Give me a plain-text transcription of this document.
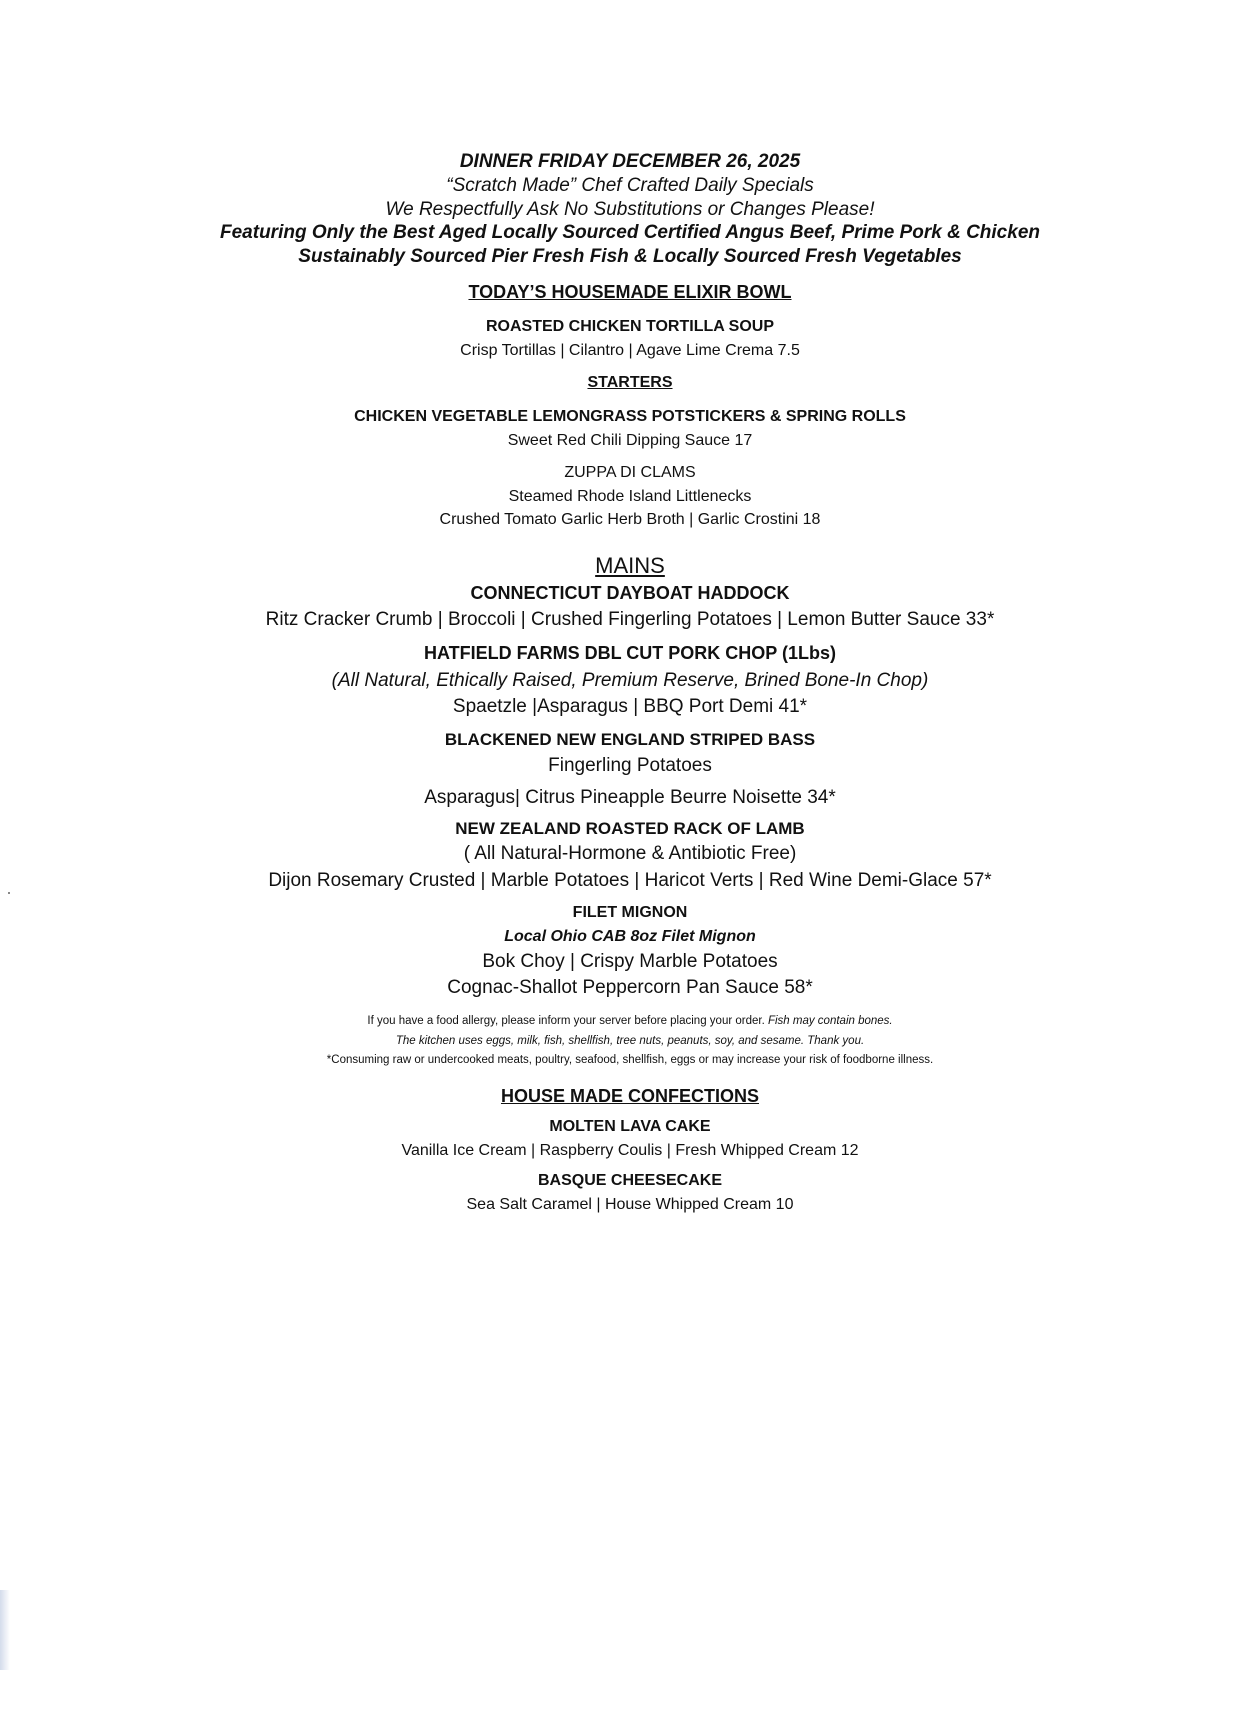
DINNER FRIDAY DECEMBER 26, 2025
“Scratch Made” Chef Crafted Daily Specials
We Respectfully Ask No Substitutions or Changes Please!
Featuring Only the Best Aged Locally Sourced Certified Angus Beef, Prime Pork & Chicken
Sustainably Sourced Pier Fresh Fish & Locally Sourced Fresh Vegetables
TODAY’S HOUSEMADE ELIXIR BOWL
ROASTED CHICKEN TORTILLA SOUP
Crisp Tortillas | Cilantro | Agave Lime Crema 7.5
STARTERS
CHICKEN VEGETABLE LEMONGRASS POTSTICKERS & SPRING ROLLS
Sweet Red Chili Dipping Sauce 17
ZUPPA DI CLAMS
Steamed Rhode Island Littlenecks
Crushed Tomato Garlic Herb Broth | Garlic Crostini 18
MAINS
CONNECTICUT DAYBOAT HADDOCK
Ritz Cracker Crumb | Broccoli | Crushed Fingerling Potatoes | Lemon Butter Sauce 33*
HATFIELD FARMS DBL CUT PORK CHOP (1Lbs)
(All Natural, Ethically Raised, Premium Reserve, Brined Bone-In Chop)
Spaetzle |Asparagus | BBQ Port Demi 41*
BLACKENED NEW ENGLAND STRIPED BASS
Fingerling Potatoes
Asparagus| Citrus Pineapple Beurre Noisette 34*
NEW ZEALAND ROASTED RACK OF LAMB
( All Natural-Hormone & Antibiotic Free)
Dijon Rosemary Crusted | Marble Potatoes | Haricot Verts | Red Wine Demi-Glace 57*
FILET MIGNON
Local Ohio CAB 8oz Filet Mignon
Bok Choy | Crispy Marble Potatoes
Cognac-Shallot Peppercorn Pan Sauce 58*
If you have a food allergy, please inform your server before placing your order. Fish may contain bones.
The kitchen uses eggs, milk, fish, shellfish, tree nuts, peanuts, soy, and sesame. Thank you.
*Consuming raw or undercooked meats, poultry, seafood, shellfish, eggs or may increase your risk of foodborne illness.
HOUSE MADE CONFECTIONS
MOLTEN LAVA CAKE
Vanilla Ice Cream | Raspberry Coulis | Fresh Whipped Cream 12
BASQUE CHEESECAKE
Sea Salt Caramel | House Whipped Cream 10
